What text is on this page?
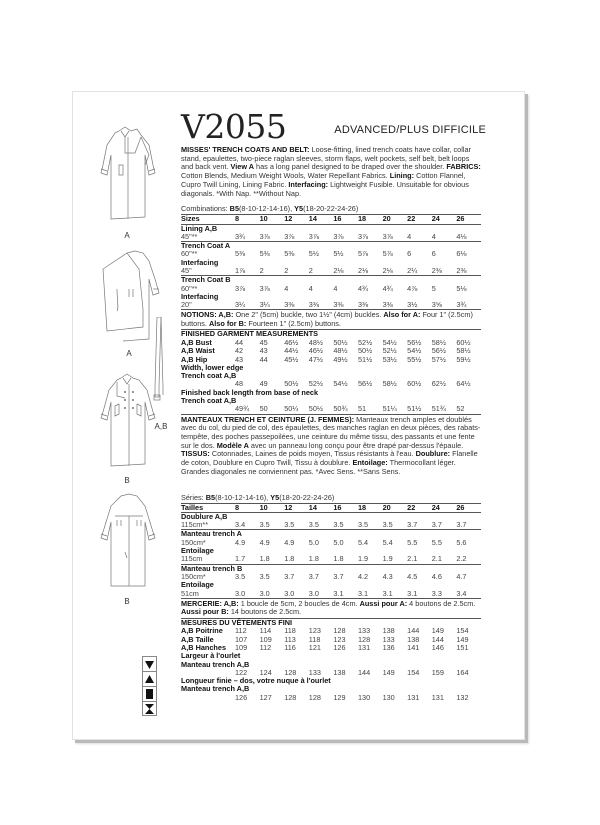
A
A
A,B
B
B
V2055	ADVANCED/PLUS DIFFICILE
MISSES' TRENCH COATS AND BELT: Loose-fitting, lined trench coats have collar, collar stand, epaulettes, two-piece raglan sleeves, storm flaps, welt pockets, self belt, belt loops and back vent. View A has a long panel designed to be draped over the shoulder. FABRICS: Cotton Blends, Medium Weight Wools, Water Repellant Fabrics. Lining: Cotton Flannel, Cupro Twill Lining, Lining Fabric. Interfacing: Lightweight Fusible. Unsuitable for obvious diagonals. *With Nap. **Without Nap.
Combinations: B5(8-10-12-14-16), Y5(18-20-22-24-26)
Sizes	8	10	12	14	16	18	20	22	24	26
Lining A,B										
45"**	3¾	3⅞	3⅞	3⅞	3⅞	3⅞	3⅞	4	4	4⅛
Trench Coat A										
60"**	5⅜	5⅜	5⅜	5½	5½	5⅞	5⅞	6	6	6⅛
Interfacing										
45"	1⅞	2	2	2	2⅛	2⅛	2⅛	2¼	2⅜	2⅜
Trench Coat B										
60"**	3⅞	3⅞	4	4	4	4¾	4¾	4⅞	5	5⅛
Interfacing										
20"	3¼	3¼	3⅜	3⅜	3⅜	3⅜	3⅜	3½	3⅝	3¾
NOTIONS: A,B: One 2" (5cm) buckle, two 1½" (4cm) buckles. Also for A: Four 1" (2.5cm) buttons. Also for B: Fourteen 1" (2.5cm) buttons.
FINISHED GARMENT MEASUREMENTS
A,B Bust	44	45	46½	48½	50½	52½	54½	56½	58½	60½
A,B Waist	42	43	44½	46½	48½	50½	52½	54½	56½	58½
A,B Hip	43	44	45½	47½	49½	51½	53½	55½	57½	59½
Width, lower edge										
Trench coat A,B										
	48	49	50½	52½	54½	56½	58½	60½	62½	64½
Finished back length from base of neck										
Trench coat A,B										
	49¾	50	50¼	50½	50¾	51	51¼	51½	51¾	52
MANTEAUX TRENCH ET CEINTURE (J. FEMMES): Manteaux trench amples et doublés avec du col, du pied de col, des épaulettes, des manches raglan en deux pièces, des rabats-tempête, des poches passepoilées, une ceinture du même tissu, des passants et une fente sur le dos. Modèle A avec un panneau long conçu pour être drapé par-dessus l'épaule. TISSUS: Cotonnades, Laines de poids moyen, Tissus résistants à l'eau. Doublure: Flanelle de coton, Doublure en Cupro Twill, Tissu à doublure. Entoilage: Thermocollant léger. Grandes diagonales ne conviennent pas. *Avec Sens. **Sans Sens.
Séries: B5(8-10-12-14-16), Y5(18-20-22-24-26)
Tailles	8	10	12	14	16	18	20	22	24	26
Doublure A,B										
115cm**	3.4	3.5	3.5	3.5	3.5	3.5	3.5	3.7	3.7	3.7
Manteau trench A										
150cm*	4.9	4.9	4.9	5.0	5.0	5.4	5.4	5.5	5.5	5.6
Entoilage										
115cm	1.7	1.8	1.8	1.8	1.8	1.9	1.9	2.1	2.1	2.2
Manteau trench B										
150cm*	3.5	3.5	3.7	3.7	3.7	4.2	4.3	4.5	4.6	4.7
Entoilage										
51cm	3.0	3.0	3.0	3.0	3.1	3.1	3.1	3.1	3.3	3.4
MERCERIE: A,B: 1 boucle de 5cm, 2 boucles de 4cm. Aussi pour A: 4 boutons de 2.5cm. Aussi pour B: 14 boutons de 2.5cm.
MESURES DU VÊTEMENTS FINI
A,B Poitrine	112	114	118	123	128	133	138	144	149	154
A,B Taille	107	109	113	118	123	128	133	138	144	149
A,B Hanches	109	112	116	121	126	131	136	141	146	151
Largeur à l'ourlet										
Manteau trench A,B										
	122	124	128	133	138	144	149	154	159	164
Longueur finie – dos, votre nuque à l'ourlet										
Manteau trench A,B										
	126	127	128	128	129	130	130	131	131	132
